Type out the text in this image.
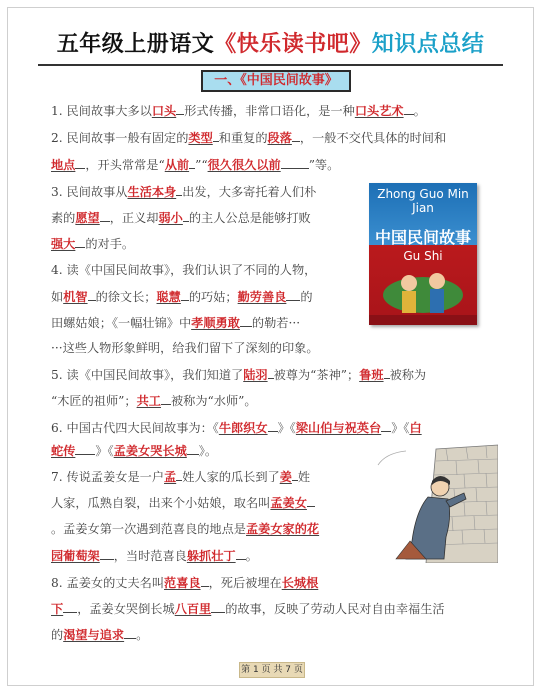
五年级上册语文《快乐读书吧》知识点总结
一、《中国民间故事》
1. 民间故事大多以口头 形式传播，非常口语化，是一种口头艺术 。
2. 民间故事一般有固定的类型 和重复的段落 ，一般不交代具体的时间和
地点 ，开头常常是“从前 ”“很久很久以前 ”等。
3. 民间故事从生活本身 出发，大多寄托着人们朴
素的愿望 ，正义却弱小 的主人公总是能够打败
强大 的对手。
Zhong Guo Min Jian
中国民间故事
Gu Shi
4. 读《中国民间故事》，我们认识了不同的人物，
如机智 的徐文长；聪慧 的巧姑；勤劳善良 的
田螺姑娘；《一幅壮锦》中孝顺勇敢 的勒若···
···这些人物形象鲜明，给我们留下了深刻的印象。
5. 读《中国民间故事》，我们知道了陆羽 被尊为“茶神”；鲁班 被称为
“木匠的祖师”；共工 被称为“水师”。
6. 中国古代四大民间故事为：《牛郎织女 》《梁山伯与祝英台 》《白
蛇传 》《孟姜女哭长城 》。
7. 传说孟姜女是一户孟 姓人家的瓜长到了姜 姓
人家，瓜熟自裂，出来个小姑娘，取名叫孟姜女
。孟姜女第一次遇到范喜良的地点是孟姜女家的花
园葡萄架 ，当时范喜良躲抓壮丁 。
8. 孟姜女的丈夫名叫范喜良 ，死后被埋在长城根
下 ，孟姜女哭倒长城八百里 的故事，反映了劳动人民对自由幸福生活
的渴望与追求 。
第 1 页 共 7 页
